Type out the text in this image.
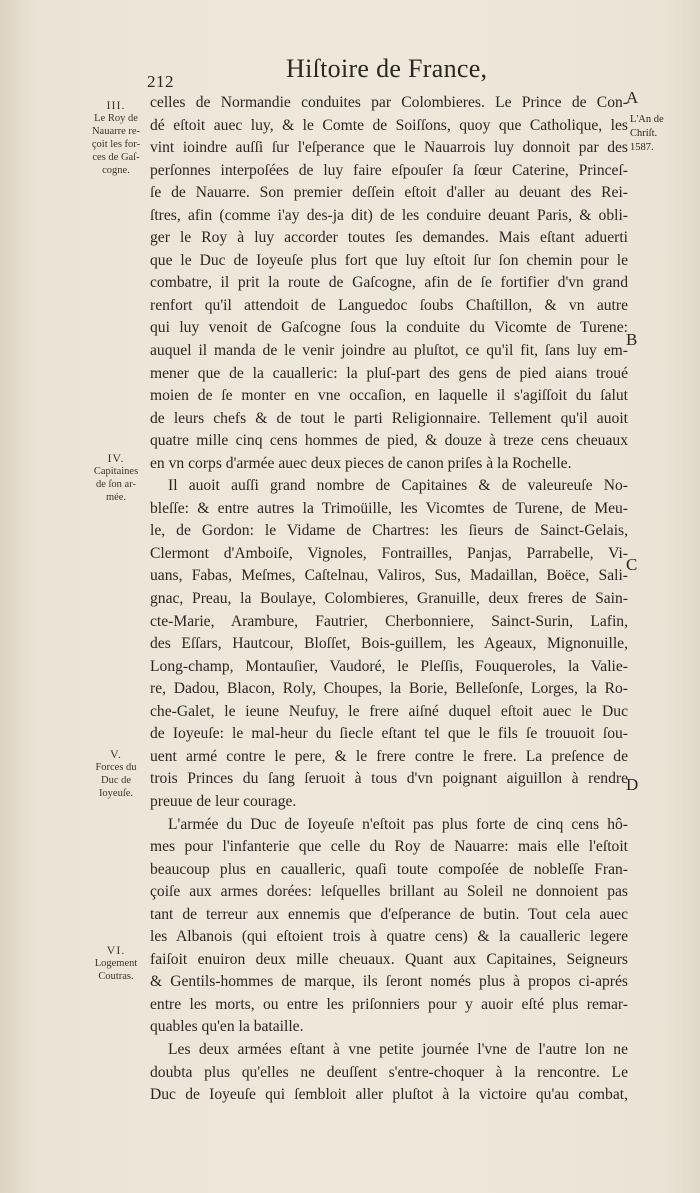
212	Hiſtoire de France,
III.
Le Roy de
Nauarre re-
çoit les for-
ces de Gaſ-
cogne.
IV.
Capitaines
de ſon ar-
mée.
V.
Forces du
Duc de
Ioyeuſe.
VI.
Logement
Coutras.
L'An de
Chriſt.
1587.
A
B
C
D
celles de Normandie conduites par Colombieres. Le Prince de Con-
dé eſtoit auec luy, & le Comte de Soiſſons, quoy que Catholique, les
vint ioindre auſſi ſur l'eſperance que le Nauarrois luy donnoit par des
perſonnes interpoſées de luy faire eſpouſer ſa ſœur Caterine, Princeſ-
ſe de Nauarre. Son premier deſſein eſtoit d'aller au deuant des Rei-
ſtres, afin (comme i'ay des-ja dit) de les conduire deuant Paris, & obli-
ger le Roy à luy accorder toutes ſes demandes. Mais eſtant aduerti
que le Duc de Ioyeuſe plus fort que luy eſtoit ſur ſon chemin pour le
combatre, il prit la route de Gaſcogne, afin de ſe fortifier d'vn grand
renfort qu'il attendoit de Languedoc ſoubs Chaſtillon, & vn autre
qui luy venoit de Gaſcogne ſous la conduite du Vicomte de Turene:
auquel il manda de le venir joindre au pluſtot, ce qu'il fit, ſans luy em-
mener que de la caualleric: la pluſ-part des gens de pied aians troué
moien de ſe monter en vne occaſion, en laquelle il s'agiſſoit du ſalut
de leurs chefs & de tout le parti Religionnaire. Tellement qu'il auoit
quatre mille cinq cens hommes de pied, & douze à treze cens cheuaux
en vn corps d'armée auec deux pieces de canon priſes à la Rochelle.
Il auoit auſſi grand nombre de Capitaines & de valeureuſe No-
bleſſe: & entre autres la Trimoüille, les Vicomtes de Turene, de Meu-
le, de Gordon: le Vidame de Chartres: les ſieurs de Sainct-Gelais,
Clermont d'Amboiſe, Vignoles, Fontrailles, Panjas, Parrabelle, Vi-
uans, Fabas, Meſmes, Caſtelnau, Valiros, Sus, Madaillan, Boëce, Sali-
gnac, Preau, la Boulaye, Colombieres, Granuille, deux freres de Sain-
cte-Marie, Arambure, Fautrier, Cherbonniere, Sainct-Surin, Lafin,
des Eſſars, Hautcour, Bloſſet, Bois-guillem, les Ageaux, Mignonuille,
Long-champ, Montauſier, Vaudoré, le Pleſſis, Fouqueroles, la Valie-
re, Dadou, Blacon, Roly, Choupes, la Borie, Belleſonſe, Lorges, la Ro-
che-Galet, le ieune Neufuy, le frere aiſné duquel eſtoit auec le Duc
de Ioyeuſe: le mal-heur du ſiecle eſtant tel que le fils ſe trouuoit ſou-
uent armé contre le pere, & le frere contre le frere. La preſence de
trois Princes du ſang ſeruoit à tous d'vn poignant aiguillon à rendre
preuue de leur courage.
L'armée du Duc de Ioyeuſe n'eſtoit pas plus forte de cinq cens hô-
mes pour l'infanterie que celle du Roy de Nauarre: mais elle l'eſtoit
beaucoup plus en caualleric, quaſi toute compoſée de nobleſſe Fran-
çoiſe aux armes dorées: leſquelles brillant au Soleil ne donnoient pas
tant de terreur aux ennemis que d'eſperance de butin. Tout cela auec
les Albanois (qui eſtoient trois à quatre cens) & la caualleric legere
faiſoit enuiron deux mille cheuaux. Quant aux Capitaines, Seigneurs
& Gentils-hommes de marque, ils ſeront només plus à propos ci-aprés
entre les morts, ou entre les priſonniers pour y auoir eſté plus remar-
quables qu'en la bataille.
Les deux armées eſtant à vne petite journée l'vne de l'autre lon ne
doubta plus qu'elles ne deuſſent s'entre-choquer à la rencontre. Le
Duc de Ioyeuſe qui ſembloit aller pluſtot à la victoire qu'au combat,
